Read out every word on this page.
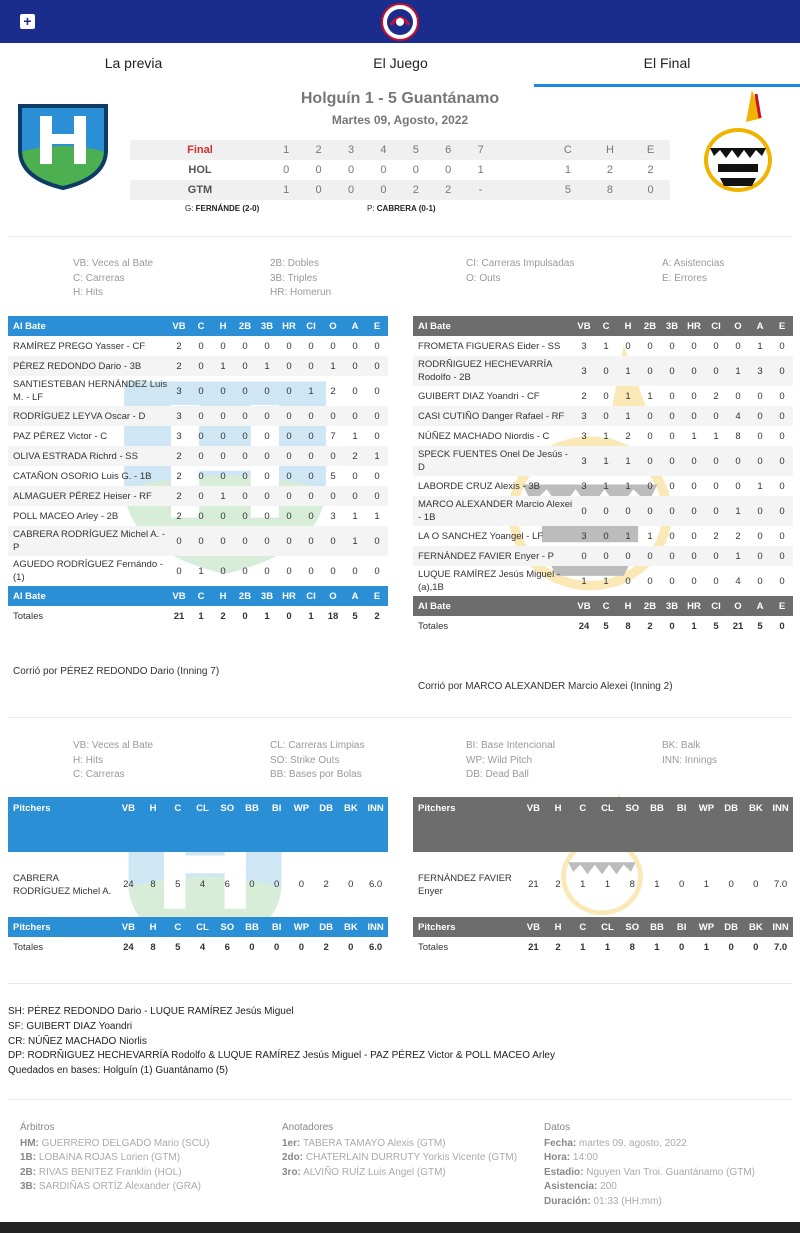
+
La previa	El Juego	El Final
Holguín 1 - 5 Guantánamo
Martes 09, Agosto, 2022
Final	1	2	3	4	5	6	7		C	H	E
HOL	0	0	0	0	0	0	1		1	2	2
GTM	1	0	0	0	2	2	-		5	8	0
G: FERNÁNDE (2-0)	P: CABRERA (0-1)
VB: Veces al Bate
C: Carreras
H: Hits
2B: Dobles
3B: Triples
HR: Homerun
CI: Carreras Impulsadas
O: Outs
A: Asistencias
E: Errores
Al Bate	VB	C	H	2B	3B	HR	CI	O	A	E
RAMÍREZ PREGO Yasser - CF	2	0	0	0	0	0	0	0	0	0
PÉREZ REDONDO Dario - 3B	2	0	1	0	1	0	0	1	0	0
SANTIESTEBAN HERNÁNDEZ Luis M. - LF	3	0	0	0	0	0	1	2	0	0
RODRÍGUEZ LEYVA Oscar - D	3	0	0	0	0	0	0	0	0	0
PAZ PÉREZ Victor - C	3	0	0	0	0	0	0	7	1	0
OLIVA ESTRADA Richrd - SS	2	0	0	0	0	0	0	0	2	1
CATAÑON OSORIO Luis G. - 1B	2	0	0	0	0	0	0	5	0	0
ALMAGUER PÉREZ Heiser - RF	2	0	1	0	0	0	0	0	0	0
POLL MACEO Arley - 2B	2	0	0	0	0	0	0	3	1	1
CABRERA RODRÍGUEZ Michel A. - P	0	0	0	0	0	0	0	0	1	0
AGUEDO RODRÍGUEZ Fernándo - (1)	0	1	0	0	0	0	0	0	0	0
Al Bate	VB	C	H	2B	3B	HR	CI	O	A	E
Totales	21	1	2	0	1	0	1	18	5	2
Corrió por PÉREZ REDONDO Dario (Inning 7)
Al Bate	VB	C	H	2B	3B	HR	CI	O	A	E
FROMETA FIGUERAS Eider - SS	3	1	0	0	0	0	0	0	1	0
RODRÑIGUEZ HECHEVARRÍA Rodolfo - 2B	3	0	1	0	0	0	0	1	3	0
GUIBERT DIAZ Yoandri - CF	2	0	1	1	0	0	2	0	0	0
CASI CUTIÑO Danger Rafael - RF	3	0	1	0	0	0	0	4	0	0
NÚÑEZ MACHADO Niordis - C	3	1	2	0	0	1	1	8	0	0
SPECK FUENTES Onel De Jesús - D	3	1	1	0	0	0	0	0	0	0
LABORDE CRUZ Alexis - 3B	3	1	1	0	0	0	0	0	1	0
MARCO ALEXANDER Marcio Alexei - 1B	0	0	0	0	0	0	0	1	0	0
LA O SANCHEZ Yoangel - LF	3	0	1	1	0	0	2	2	0	0
FERNÁNDEZ FAVIER Enyer - P	0	0	0	0	0	0	0	1	0	0
LUQUE RAMÍREZ Jesús Miguel - (a),1B	1	1	0	0	0	0	0	4	0	0
Al Bate	VB	C	H	2B	3B	HR	CI	O	A	E
Totales	24	5	8	2	0	1	5	21	5	0
Corrió por MARCO ALEXANDER Marcio Alexei (Inning 2)
VB: Veces al Bate
H: Hits
C: Carreras
CL: Carreras Limpias
SO: Strike Outs
BB: Bases por Bolas
BI: Base Intencional
WP: Wild Pitch
DB: Dead Ball
BK: Balk
INN: Innings
Pitchers	VB	H	C	CL	SO	BB	BI	WP	DB	BK	INN
CABRERA RODRÍGUEZ Michel A.	24	8	5	4	6	0	0	0	2	0	6.0
Pitchers	VB	H	C	CL	SO	BB	BI	WP	DB	BK	INN
Totales	24	8	5	4	6	0	0	0	2	0	6.0
Pitchers	VB	H	C	CL	SO	BB	BI	WP	DB	BK	INN
FERNÁNDEZ FAVIER Enyer	21	2	1	1	8	1	0	1	0	0	7.0
Pitchers	VB	H	C	CL	SO	BB	BI	WP	DB	BK	INN
Totales	21	2	1	1	8	1	0	1	0	0	7.0
SH: PÉREZ REDONDO Dario - LUQUE RAMÍREZ Jesús Miguel
SF: GUIBERT DIAZ Yoandri
CR: NÚÑEZ MACHADO Niorlis
DP: RODRÑIGUEZ HECHEVARRÍA Rodolfo & LUQUE RAMÍREZ Jesús Miguel - PAZ PÉREZ Victor & POLL MACEO Arley
Quedados en bases: Holguín (1) Guantánamo (5)
Árbitros
HM: GUERRERO DELGADO Mario (SCU)
1B: LOBAINA ROJAS Lorien (GTM)
2B: RIVAS BENITEZ Franklin (HOL)
3B: SARDIÑAS ORTÍZ Alexander (GRA)
Anotadores
1er: TABERA TAMAYO Alexis (GTM)
2do: CHATERLAIN DURRUTY Yorkis Vicente (GTM)
3ro: ALVIÑO RUÍZ Luis Angel (GTM)
Datos
Fecha: martes 09, agosto, 2022
Hora: 14:00
Estadio: Nguyen Van Troi. Guantánamo (GTM)
Asistencia: 200
Duración: 01:33 (HH:mm)
